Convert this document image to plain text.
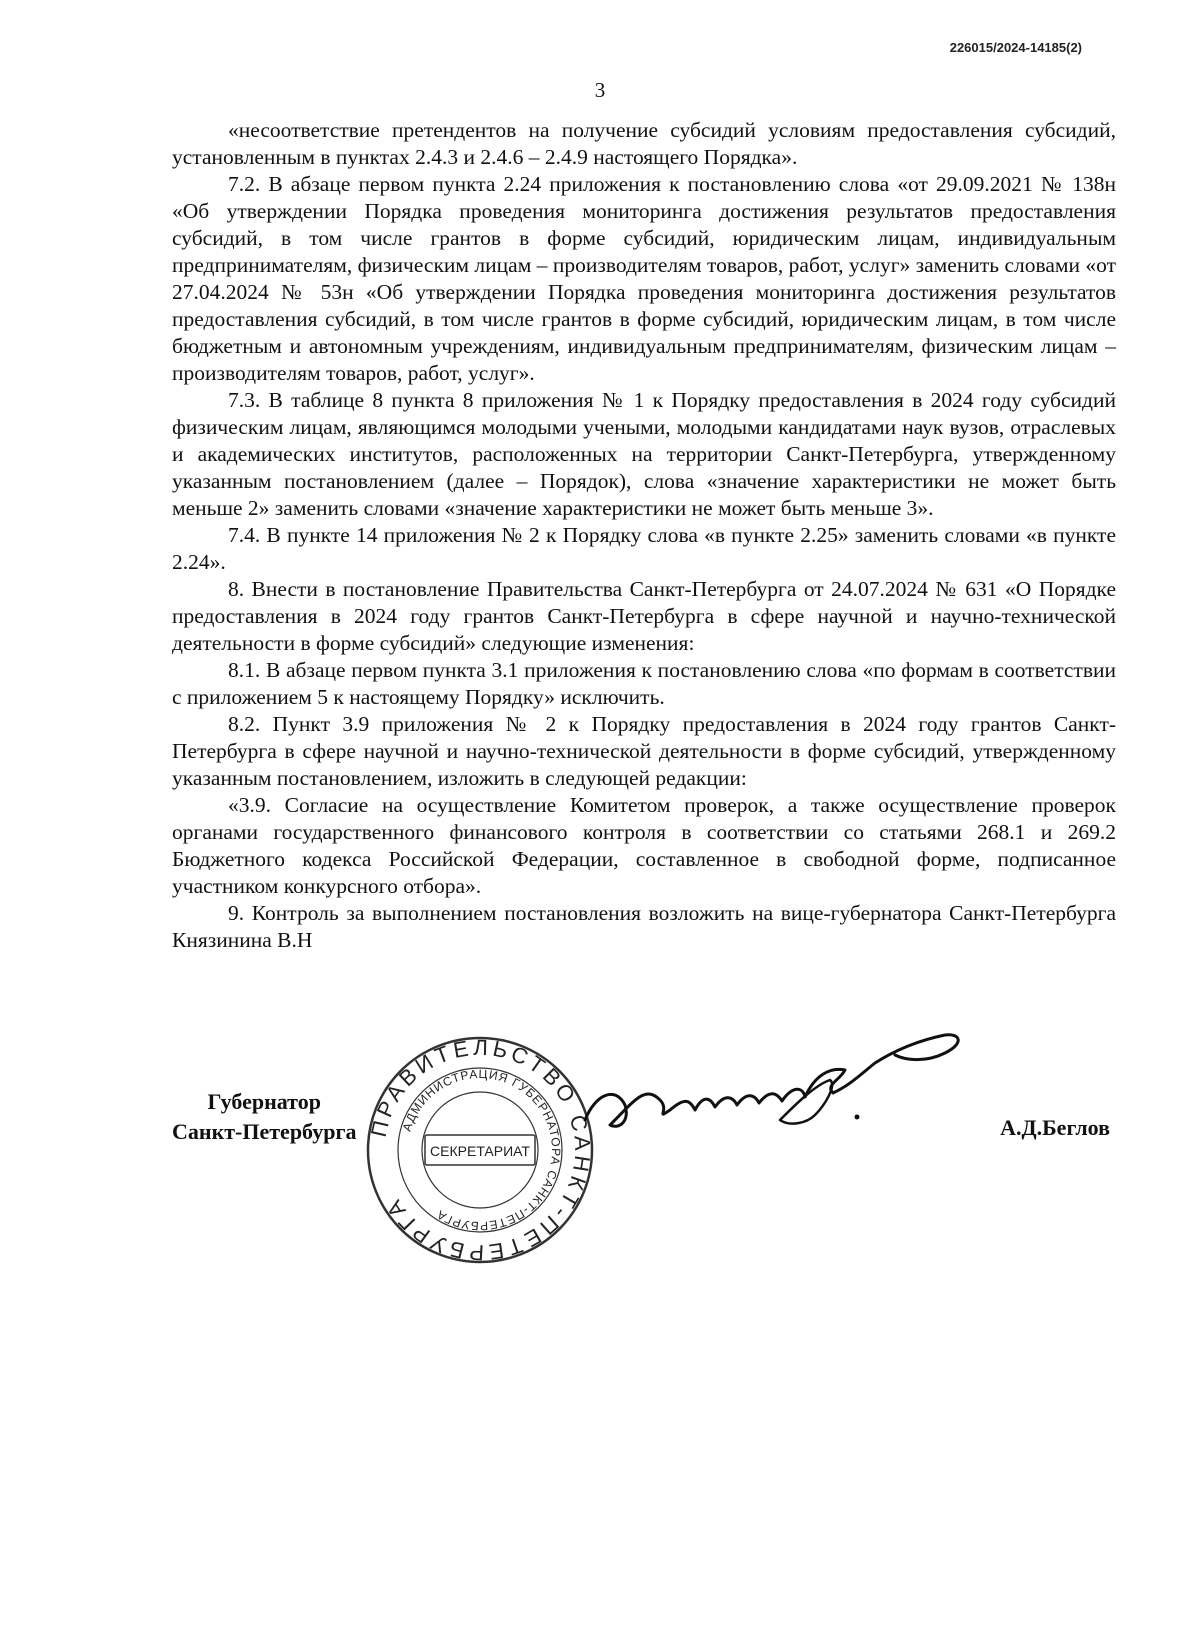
226015/2024-14185(2)
3

«несоответствие претендентов на получение субсидий условиям предоставления субсидий, установленным в пунктах 2.4.3 и 2.4.6 – 2.4.9 настоящего Порядка».

7.2. В абзаце первом пункта 2.24 приложения к постановлению слова «от 29.09.2021 № 138н «Об утверждении Порядка проведения мониторинга достижения результатов предоставления субсидий, в том числе грантов в форме субсидий, юридическим лицам, индивидуальным предпринимателям, физическим лицам – производителям товаров, работ, услуг» заменить словами «от 27.04.2024 № 53н «Об утверждении Порядка проведения мониторинга достижения результатов предоставления субсидий, в том числе грантов в форме субсидий, юридическим лицам, в том числе бюджетным и автономным учреждениям, индивидуальным предпринимателям, физическим лицам – производителям товаров, работ, услуг».

7.3. В таблице 8 пункта 8 приложения № 1 к Порядку предоставления в 2024 году субсидий физическим лицам, являющимся молодыми учеными, молодыми кандидатами наук вузов, отраслевых и академических институтов, расположенных на территории Санкт-Петербурга, утвержденному указанным постановлением (далее – Порядок), слова «значение характеристики не может быть меньше 2» заменить словами «значение характеристики не может быть меньше 3».

7.4. В пункте 14 приложения № 2 к Порядку слова «в пункте 2.25» заменить словами «в пункте 2.24».

8. Внести в постановление Правительства Санкт-Петербурга от 24.07.2024 № 631 «О Порядке предоставления в 2024 году грантов Санкт-Петербурга в сфере научной и научно-технической деятельности в форме субсидий» следующие изменения:

8.1. В абзаце первом пункта 3.1 приложения к постановлению слова «по формам в соответствии с приложением 5 к настоящему Порядку» исключить.

8.2. Пункт 3.9 приложения № 2 к Порядку предоставления в 2024 году грантов Санкт-Петербурга в сфере научной и научно-технической деятельности в форме субсидий, утвержденному указанным постановлением, изложить в следующей редакции:

«3.9. Согласие на осуществление Комитетом проверок, а также осуществление проверок органами государственного финансового контроля в соответствии со статьями 268.1 и 269.2 Бюджетного кодекса Российской Федерации, составленное в свободной форме, подписанное участником конкурсного отбора».

9. Контроль за выполнением постановления возложить на вице-губернатора Санкт-Петербурга Князинина В.Н

Губернатор
Санкт-Петербурга ПРАВИТЕЛЬСТВО САНКТ-ПЕТЕРБУРГА
АДМИНИСТРАЦИЯ ГУБЕРНАТОРА САНКТ-ПЕТЕРБУРГА
СЕКРЕТАРИАТ
А.Д.Беглов
